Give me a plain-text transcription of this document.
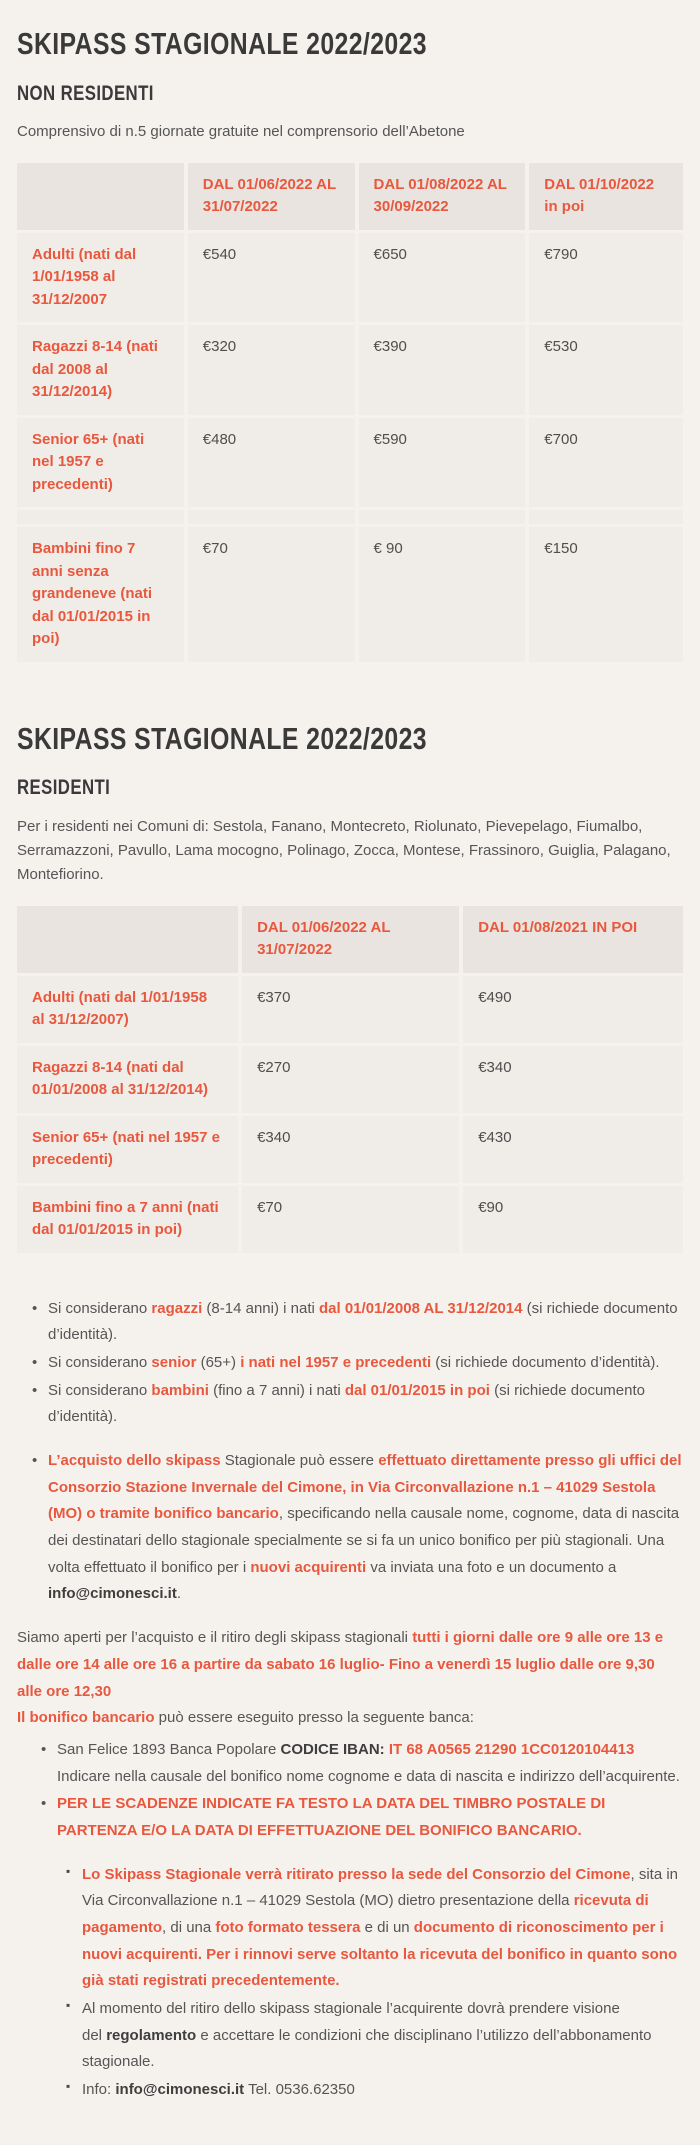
SKIPASS STAGIONALE 2022/2023
NON RESIDENTI

Comprensivo di n.5 giornate gratuite nel comprensorio dell’Abetone

	DAL 01/06/2022 AL 31/07/2022	DAL 01/08/2022 AL 30/09/2022	DAL 01/10/2022 in poi
Adulti (nati dal 1/01/1958 al 31/12/2007	€540	€650	€790
Ragazzi 8-14 (nati dal 2008 al 31/12/2014)	€320	€390	€530
Senior 65+ (nati nel 1957 e precedenti)	€480	€590	€700

Bambini fino 7 anni senza grandeneve (nati dal 01/01/2015 in poi)	€70	€ 90	€150
SKIPASS STAGIONALE 2022/2023
RESIDENTI

Per i residenti nei Comuni di: Sestola, Fanano, Montecreto, Riolunato, Pievepelago, Fiumalbo, Serramazzoni, Pavullo, Lama mocogno, Polinago, Zocca, Montese, Frassinoro, Guiglia, Palagano, Montefiorino.

	DAL 01/06/2022 AL 31/07/2022	DAL 01/08/2021 IN POI
Adulti (nati dal 1/01/1958 al 31/12/2007)	€370	€490
Ragazzi 8-14 (nati dal 01/01/2008 al 31/12/2014)	€270	€340
Senior 65+ (nati nel 1957 e precedenti)	€340	€430
Bambini fino a 7 anni (nati dal 01/01/2015 in poi)	€70	€90
• Si considerano ragazzi (8-14 anni) i nati dal 01/01/2008 AL 31/12/2014 (si richiede documento d’identità).
• Si considerano senior (65+) i nati nel 1957 e precedenti (si richiede documento d’identità).
• Si considerano bambini (fino a 7 anni) i nati dal 01/01/2015 in poi (si richiede documento d’identità).
• L’acquisto dello skipass Stagionale può essere effettuato direttamente presso gli uffici del Consorzio Stazione Invernale del Cimone, in Via Circonvallazione n.1 – 41029 Sestola (MO) o tramite bonifico bancario, specificando nella causale nome, cognome, data di nascita dei destinatari dello stagionale specialmente se si fa un unico bonifico per più stagionali. Una volta effettuato il bonifico per i nuovi acquirenti va inviata una foto e un documento a info@cimonesci.it.

Siamo aperti per l’acquisto e il ritiro degli skipass stagionali tutti i giorni dalle ore 9 alle ore 13 e dalle ore 14 alle ore 16 a partire da sabato 16 luglio- Fino a venerdì 15 luglio dalle ore 9,30 alle ore 12,30
Il bonifico bancario può essere eseguito presso la seguente banca:

• San Felice 1893 Banca Popolare CODICE IBAN: IT 68 A0565 21290 1CC0120104413
Indicare nella causale del bonifico nome cognome e data di nascita e indirizzo dell’acquirente.
• PER LE SCADENZE INDICATE FA TESTO LA DATA DEL TIMBRO POSTALE DI PARTENZA E/O LA DATA DI EFFETTUAZIONE DEL BONIFICO BANCARIO.
▪ Lo Skipass Stagionale verrà ritirato presso la sede del Consorzio del Cimone, sita in Via Circonvallazione n.1 – 41029 Sestola (MO) dietro presentazione della ricevuta di pagamento, di una foto formato tessera e di un documento di riconoscimento per i nuovi acquirenti. Per i rinnovi serve soltanto la ricevuta del bonifico in quanto sono già stati registrati precedentemente.
▪ Al momento del ritiro dello skipass stagionale l’acquirente dovrà prendere visione
del regolamento e accettare le condizioni che disciplinano l’utilizzo dell’abbonamento stagionale.
▪ Info: info@cimonesci.it Tel. 0536.62350
